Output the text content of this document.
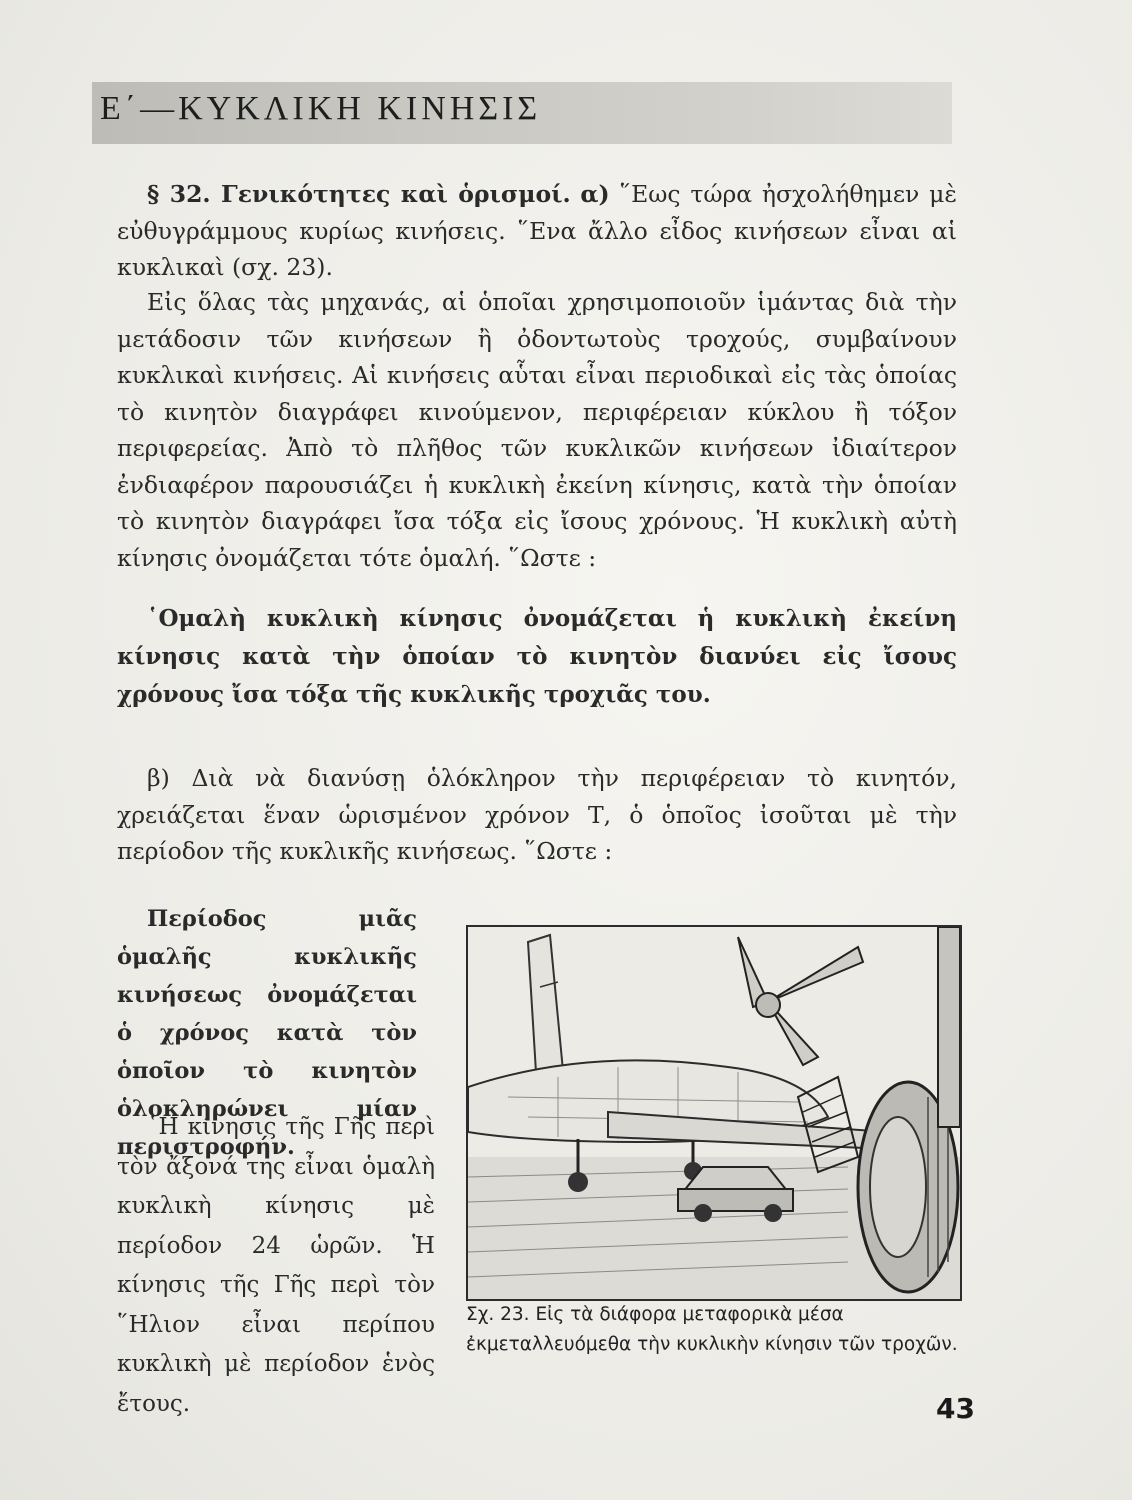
Ε΄—ΚΥΚΛΙΚΗ ΚΙΝΗΣΙΣ

§ 32. Γενικότητες καὶ ὁρισμοί. α) ῞Εως τώρα ἠσχολήθημεν μὲ εὐθυγράμμους κυρίως κινήσεις. ῞Ενα ἄλλο εἶδος κινήσεων εἶναι αἱ κυκλικαὶ (σχ. 23).

Εἰς ὅλας τὰς μηχανάς, αἱ ὁποῖαι χρησιμοποιοῦν ἱμάντας διὰ τὴν μετάδοσιν τῶν κινήσεων ἢ ὀδοντωτοὺς τροχούς, συμβαίνουν κυκλικαὶ κινήσεις. Αἱ κινήσεις αὗται εἶναι περιοδικαὶ εἰς τὰς ὁποίας τὸ κινητὸν διαγράφει κινούμενον, περιφέρειαν κύκλου ἢ τόξον περιφερείας. Ἀπὸ τὸ πλῆθος τῶν κυκλικῶν κινήσεων ἰδιαίτερον ἐνδιαφέρον παρουσιάζει ἡ κυκλικὴ ἐκείνη κίνησις, κατὰ τὴν ὁποίαν τὸ κινητὸν διαγράφει ἴσα τόξα εἰς ἴσους χρόνους. Ἡ κυκλικὴ αὐτὴ κίνησις ὀνομάζεται τότε ὁμαλή. ῞Ωστε :

῾Ομαλὴ κυκλικὴ κίνησις ὀνομάζεται ἡ κυκλικὴ ἐκείνη κίνησις κατὰ τὴν ὁποίαν τὸ κινητὸν διανύει εἰς ἴσους χρόνους ἴσα τόξα τῆς κυκλικῆς τροχιᾶς του.

β) Διὰ νὰ διανύσῃ ὁλόκληρον τὴν περιφέρειαν τὸ κινητόν, χρειάζεται ἕναν ὡρισμένον χρόνον Τ, ὁ ὁποῖος ἰσοῦται μὲ τὴν περίοδον τῆς κυκλικῆς κινήσεως. ῞Ωστε :

Περίοδος μιᾶς ὁμαλῆς κυκλικῆς κινήσεως ὀνομάζεται ὁ χρόνος κατὰ τὸν ὁποῖον τὸ κινητὸν ὁλοκληρώνει μίαν περιστροφήν.

῾Η κίνησις τῆς Γῆς περὶ τὸν ἄξονά της εἶναι ὁμαλὴ κυκλικὴ κίνησις μὲ περίοδον 24 ὡρῶν. Ἡ κίνησις τῆς Γῆς περὶ τὸν ῞Ηλιον εἶναι περίπου κυκλικὴ μὲ περίοδον ἑνὸς ἔτους.

Σχ. 23. Εἰς τὰ διάφορα μεταφορικὰ μέσα ἐκμεταλλευόμεθα τὴν κυκλικὴν κίνησιν τῶν τροχῶν.
43
